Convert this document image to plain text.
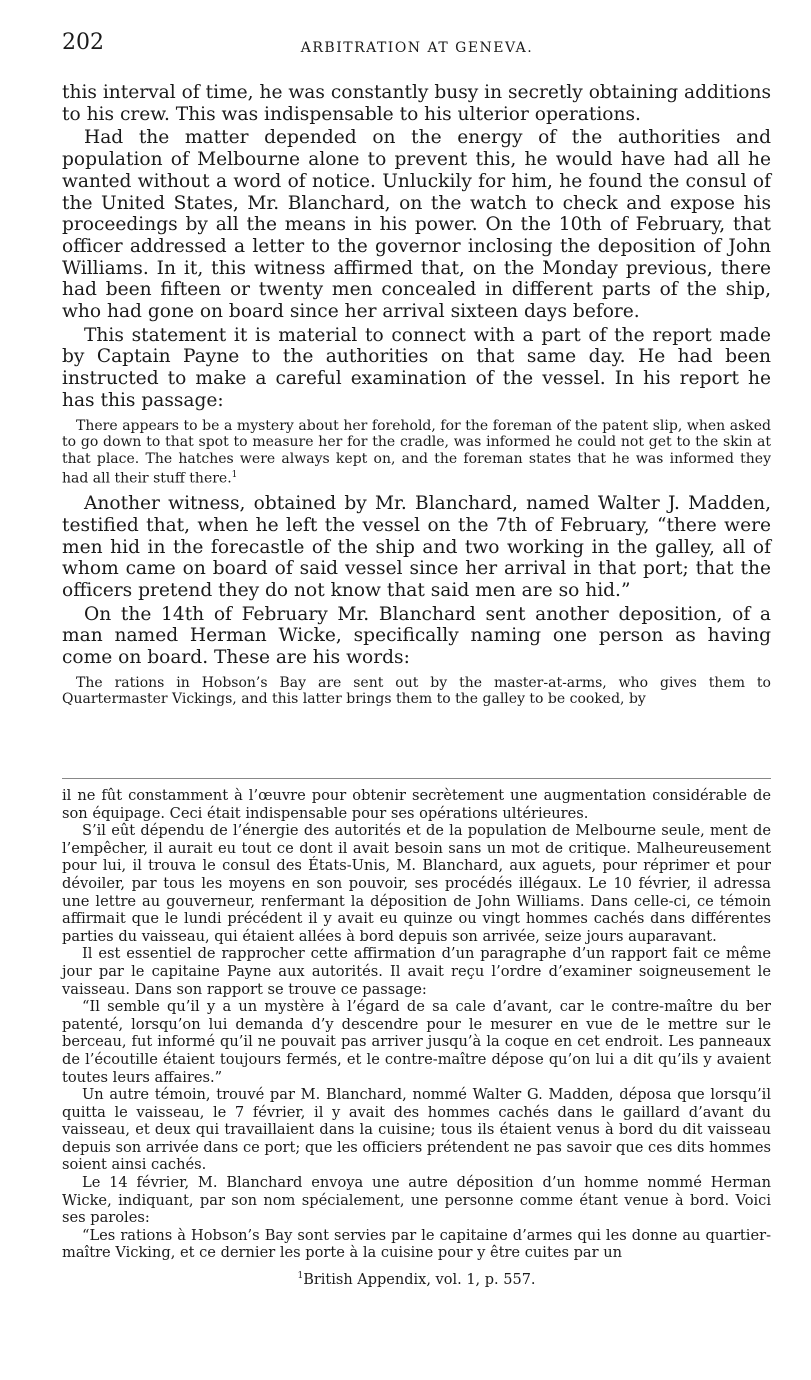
202	ARBITRATION AT GENEVA.

this interval of time, he was constantly busy in secretly obtaining additions to his crew. This was indispensable to his ulterior operations.

Had the matter depended on the energy of the authorities and population of Melbourne alone to prevent this, he would have had all he wanted without a word of notice. Unluckily for him, he found the consul of the United States, Mr. Blanchard, on the watch to check and expose his proceedings by all the means in his power. On the 10th of February, that officer addressed a letter to the governor inclosing the deposition of John Williams. In it, this witness affirmed that, on the Monday previous, there had been fifteen or twenty men concealed in different parts of the ship, who had gone on board since her arrival sixteen days before.

This statement it is material to connect with a part of the report made by Captain Payne to the authorities on that same day. He had been instructed to make a careful examination of the vessel. In his report he has this passage:

There appears to be a mystery about her forehold, for the foreman of the patent slip, when asked to go down to that spot to measure her for the cradle, was informed he could not get to the skin at that place. The hatches were always kept on, and the foreman states that he was informed they had all their stuff there.$^1$

Another witness, obtained by Mr. Blanchard, named Walter J. Madden, testified that, when he left the vessel on the 7th of February, “there were men hid in the forecastle of the ship and two working in the galley, all of whom came on board of said vessel since her arrival in that port; that the officers pretend they do not know that said men are so hid.”

On the 14th of February Mr. Blanchard sent another deposition, of a man named Herman Wicke, specifically naming one person as having come on board. These are his words:

The rations in Hobson’s Bay are sent out by the master-at-arms, who gives them to Quartermaster Vickings, and this latter brings them to the galley to be cooked, by

il ne fût constamment à l’œuvre pour obtenir secrètement une augmentation considérable de son équipage. Ceci était indispensable pour ses opérations ultérieures.

S’il eût dépendu de l’énergie des autorités et de la population de Melbourne seule, ment de l’empêcher, il aurait eu tout ce dont il avait besoin sans un mot de critique. Malheureusement pour lui, il trouva le consul des États-Unis, M. Blanchard, aux aguets, pour réprimer et pour dévoiler, par tous les moyens en son pouvoir, ses procédés illégaux. Le 10 février, il adressa une lettre au gouverneur, renfermant la déposition de John Williams. Dans celle-ci, ce témoin affirmait que le lundi précédent il y avait eu quinze ou vingt hommes cachés dans différentes parties du vaisseau, qui étaient allées à bord depuis son arrivée, seize jours auparavant.

Il est essentiel de rapprocher cette affirmation d’un paragraphe d’un rapport fait ce même jour par le capitaine Payne aux autorités. Il avait reçu l’ordre d’examiner soigneusement le vaisseau. Dans son rapport se trouve ce passage:

“Il semble qu’il y a un mystère à l’égard de sa cale d’avant, car le contre-maître du ber patenté, lorsqu’on lui demanda d’y descendre pour le mesurer en vue de le mettre sur le berceau, fut informé qu’il ne pouvait pas arriver jusqu’à la coque en cet endroit. Les panneaux de l’écoutille étaient toujours fermés, et le contre-maître dépose qu’on lui a dit qu’ils y avaient toutes leurs affaires.”

Un autre témoin, trouvé par M. Blanchard, nommé Walter G. Madden, déposa que lorsqu’il quitta le vaisseau, le 7 février, il y avait des hommes cachés dans le gaillard d’avant du vaisseau, et deux qui travaillaient dans la cuisine; tous ils étaient venus à bord du dit vaisseau depuis son arrivée dans ce port; que les officiers prétendent ne pas savoir que ces dits hommes soient ainsi cachés.

Le 14 février, M. Blanchard envoya une autre déposition d’un homme nommé Herman Wicke, indiquant, par son nom spécialement, une personne comme étant venue à bord. Voici ses paroles:

“Les rations à Hobson’s Bay sont servies par le capitaine d’armes qui les donne au quartier-maître Vicking, et ce dernier les porte à la cuisine pour y être cuites par un

$^1$British Appendix, vol. 1, p. 557.
